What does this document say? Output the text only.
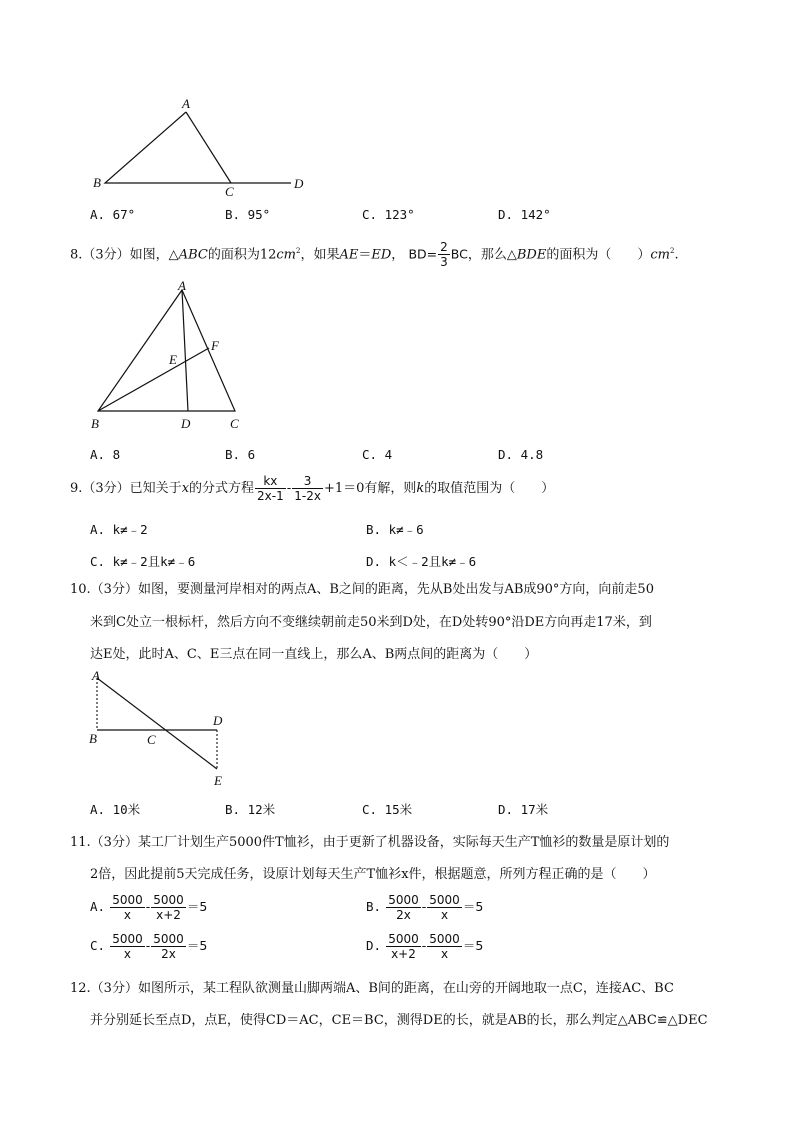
A
B
C
D
A. 67°	B. 95°	C. 123°	D. 142°
8.（3分）如图，△ABC的面积为$12cm^2$，如果AE＝ED， $BD= \frac{2}{3}$ BC，那么△BDE的面积为（　　）$cm^2$.
A
E
F
B	D	C
A. 8	B. 6	C. 4	D. 4.8
9.（3分）已知关于x的分式方程 $\frac{kx}{2x-1} - \frac{3}{1-2x} +1=0$有解，则k的取值范围为（　　）
A. k≠﹣2	B. k≠﹣6
C. k≠﹣2且k≠﹣6	D. k＜﹣2且k≠﹣6
10.（3分）如图，要测量河岸相对的两点A、B之间的距离，先从B处出发与AB成90°方向，向前走50
米到C处立一根标杆，然后方向不变继续朝前走50米到D处，在D处转90°沿DE方向再走17米，到
达E处，此时A、C、E三点在同一直线上，那么A、B两点间的距离为（　　）
A
B	C
D
E
A. 10米	B. 12米	C. 15米	D. 17米
11.（3分）某工厂计划生产5000件T恤衫，由于更新了机器设备，实际每天生产T恤衫的数量是原计划的
2倍，因此提前5天完成任务，设原计划每天生产T恤衫x件，根据题意，所列方程正确的是（　　）
A. $\frac{5000}{x} - \frac{5000}{x+2} =5$	B. $\frac{5000}{2x} - \frac{5000}{x} =5$
C. $\frac{5000}{x} - \frac{5000}{2x} =5$	D. $\frac{5000}{x+2} - \frac{5000}{x} =5$
12.（3分）如图所示，某工程队欲测量山脚两端A、B间的距离，在山旁的开阔地取一点C，连接AC、BC
并分别延长至点D，点E，使得CD＝AC，CE＝BC，测得DE的长，就是AB的长，那么判定△ABC≌△DEC
